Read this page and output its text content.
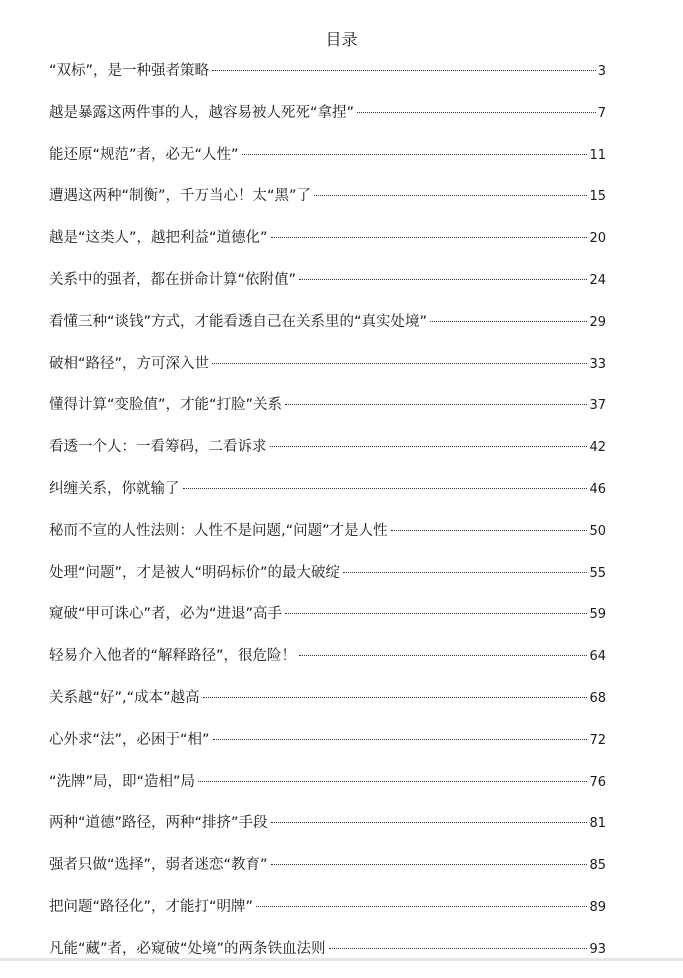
目录
“双标”，是一种强者策略	3
越是暴露这两件事的人，越容易被人死死“拿捏”	7
能还原“规范”者，必无“人性”	11
遭遇这两种“制衡”，千万当心！太“黑”了	15
越是“这类人”，越把利益“道德化”	20
关系中的强者，都在拼命计算“依附值”	24
看懂三种“谈钱”方式，才能看透自己在关系里的“真实处境”	29
破相“路径”，方可深入世	33
懂得计算“变脸值”，才能“打脸”关系	37
看透一个人：一看筹码，二看诉求	42
纠缠关系，你就输了	46
秘而不宣的人性法则：人性不是问题,“问题”才是人性	50
处理“问题”，才是被人“明码标价”的最大破绽	55
窥破“甲可诛心”者，必为“进退”高手	59
轻易介入他者的“解释路径”，很危险！	64
关系越“好”,“成本”越高	68
心外求“法”，必困于“相”	72
“洗牌”局，即“造相”局	76
两种“道德”路径，两种“排挤”手段	81
强者只做“选择”，弱者迷恋“教育”	85
把问题“路径化”，才能打“明牌”	89
凡能“藏”者，必窥破“处境”的两条铁血法则	93
